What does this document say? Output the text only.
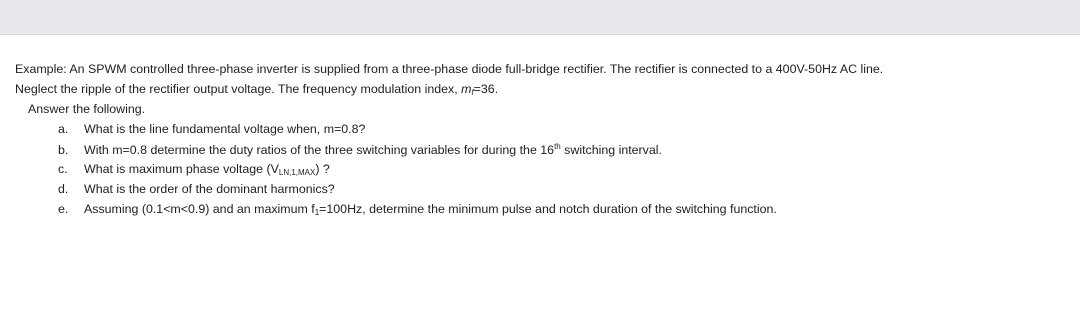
Example: An SPWM controlled three-phase inverter is supplied from a three-phase diode full-bridge rectifier. The rectifier is connected to a 400V-50Hz AC line.
Neglect the ripple of the rectifier output voltage. The frequency modulation index, $m_f=36$.
Answer the following.
a. What is the line fundamental voltage when, m=0.8?
b. With m=0.8 determine the duty ratios of the three switching variables for during the 16th switching interval.
c. What is maximum phase voltage $(V_{LN,1,MAX})$ ?
d. What is the order of the dominant harmonics?
e. Assuming (0.1<m<0.9) and an maximum $f_1=100Hz$, determine the minimum pulse and notch duration of the switching function.
